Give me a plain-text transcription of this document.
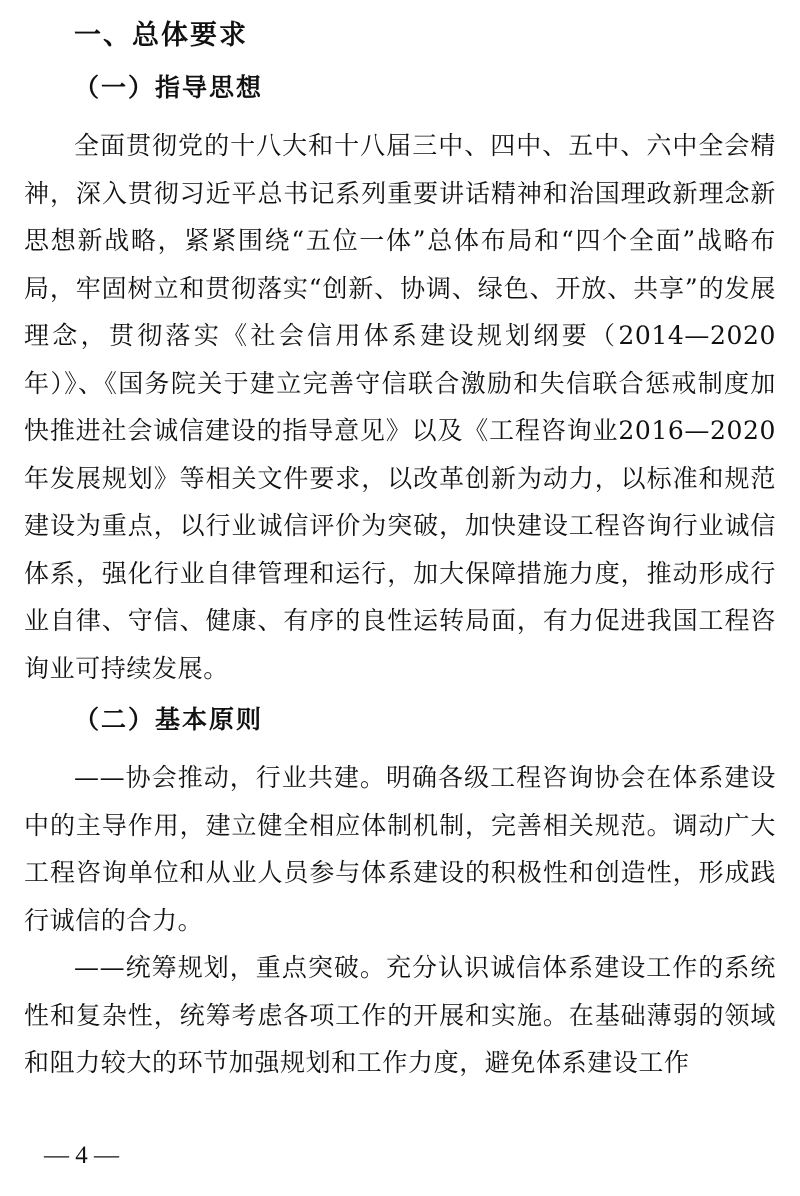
一、总体要求
（一）指导思想

全面贯彻党的十八大和十八届三中、四中、五中、六中全会精神，深入贯彻习近平总书记系列重要讲话精神和治国理政新理念新思想新战略，紧紧围绕“五位一体”总体布局和“四个全面”战略布局，牢固树立和贯彻落实“创新、协调、绿色、开放、共享”的发展理念，贯彻落实《社会信用体系建设规划纲要（2014—2020年）》、《国务院关于建立完善守信联合激励和失信联合惩戒制度加快推进社会诚信建设的指导意见》以及《工程咨询业2016—2020年发展规划》等相关文件要求，以改革创新为动力，以标准和规范建设为重点，以行业诚信评价为突破，加快建设工程咨询行业诚信体系，强化行业自律管理和运行，加大保障措施力度，推动形成行业自律、守信、健康、有序的良性运转局面，有力促进我国工程咨询业可持续发展。

（二）基本原则

——协会推动，行业共建。明确各级工程咨询协会在体系建设中的主导作用，建立健全相应体制机制，完善相关规范。调动广大工程咨询单位和从业人员参与体系建设的积极性和创造性，形成践行诚信的合力。

——统筹规划，重点突破。充分认识诚信体系建设工作的系统性和复杂性，统筹考虑各项工作的开展和实施。在基础薄弱的领域和阻力较大的环节加强规划和工作力度，避免体系建设工作

— 4 —
